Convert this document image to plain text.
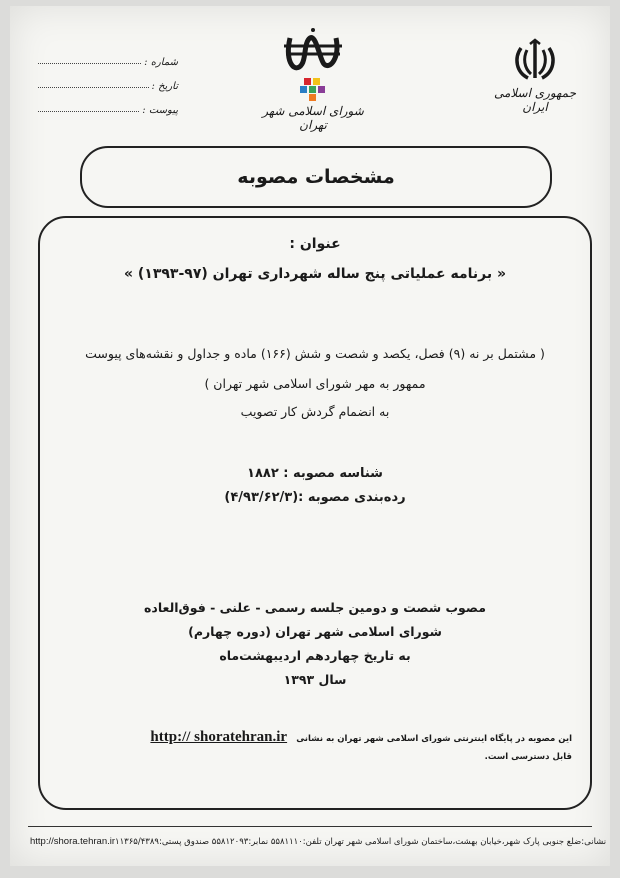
شماره :
تاریخ :
پیوست :	شورای اسلامی شهر تهران
جمهوری اسلامی ایران
مشخصات مصوبه
عنوان :
« برنامه عملیاتی پنج ساله شهرداری تهران (۹۷-۱۳۹۳) »
( مشتمل بر نه (۹) فصل، یکصد و شصت و شش (۱۶۶) ماده و جداول و نقشه‌های پیوست
ممهور به مهر شورای اسلامی شهر تهران )
به انضمام گردش کار تصویب
شناسه مصوبه : ۱۸۸۲
رده‌بندی مصوبه :(۴/۹۳/۶۲/۳)
مصوب شصت و دومین جلسه رسمی - علنی - فوق‌العاده
شورای اسلامی شهر تهران (دوره چهارم)
به تاریخ چهاردهم اردیبهشت‌ماه
سال ۱۳۹۳
این مصوبه در پایگاه اینترنتی شورای اسلامی شهر تهران به نشانی http:// shoratehran.ir
قابل دسترسی است.
http://shora.tehran.ir نشانی:ضلع جنوبی پارک شهر،خیابان بهشت،ساختمان شورای اسلامی شهر تهران تلفن:۵۵۸۱۱۱۰ نمابر:۵۵۸۱۲۰۹۳ صندوق پستی:۱۱۳۶۵/۴۳۸۹
